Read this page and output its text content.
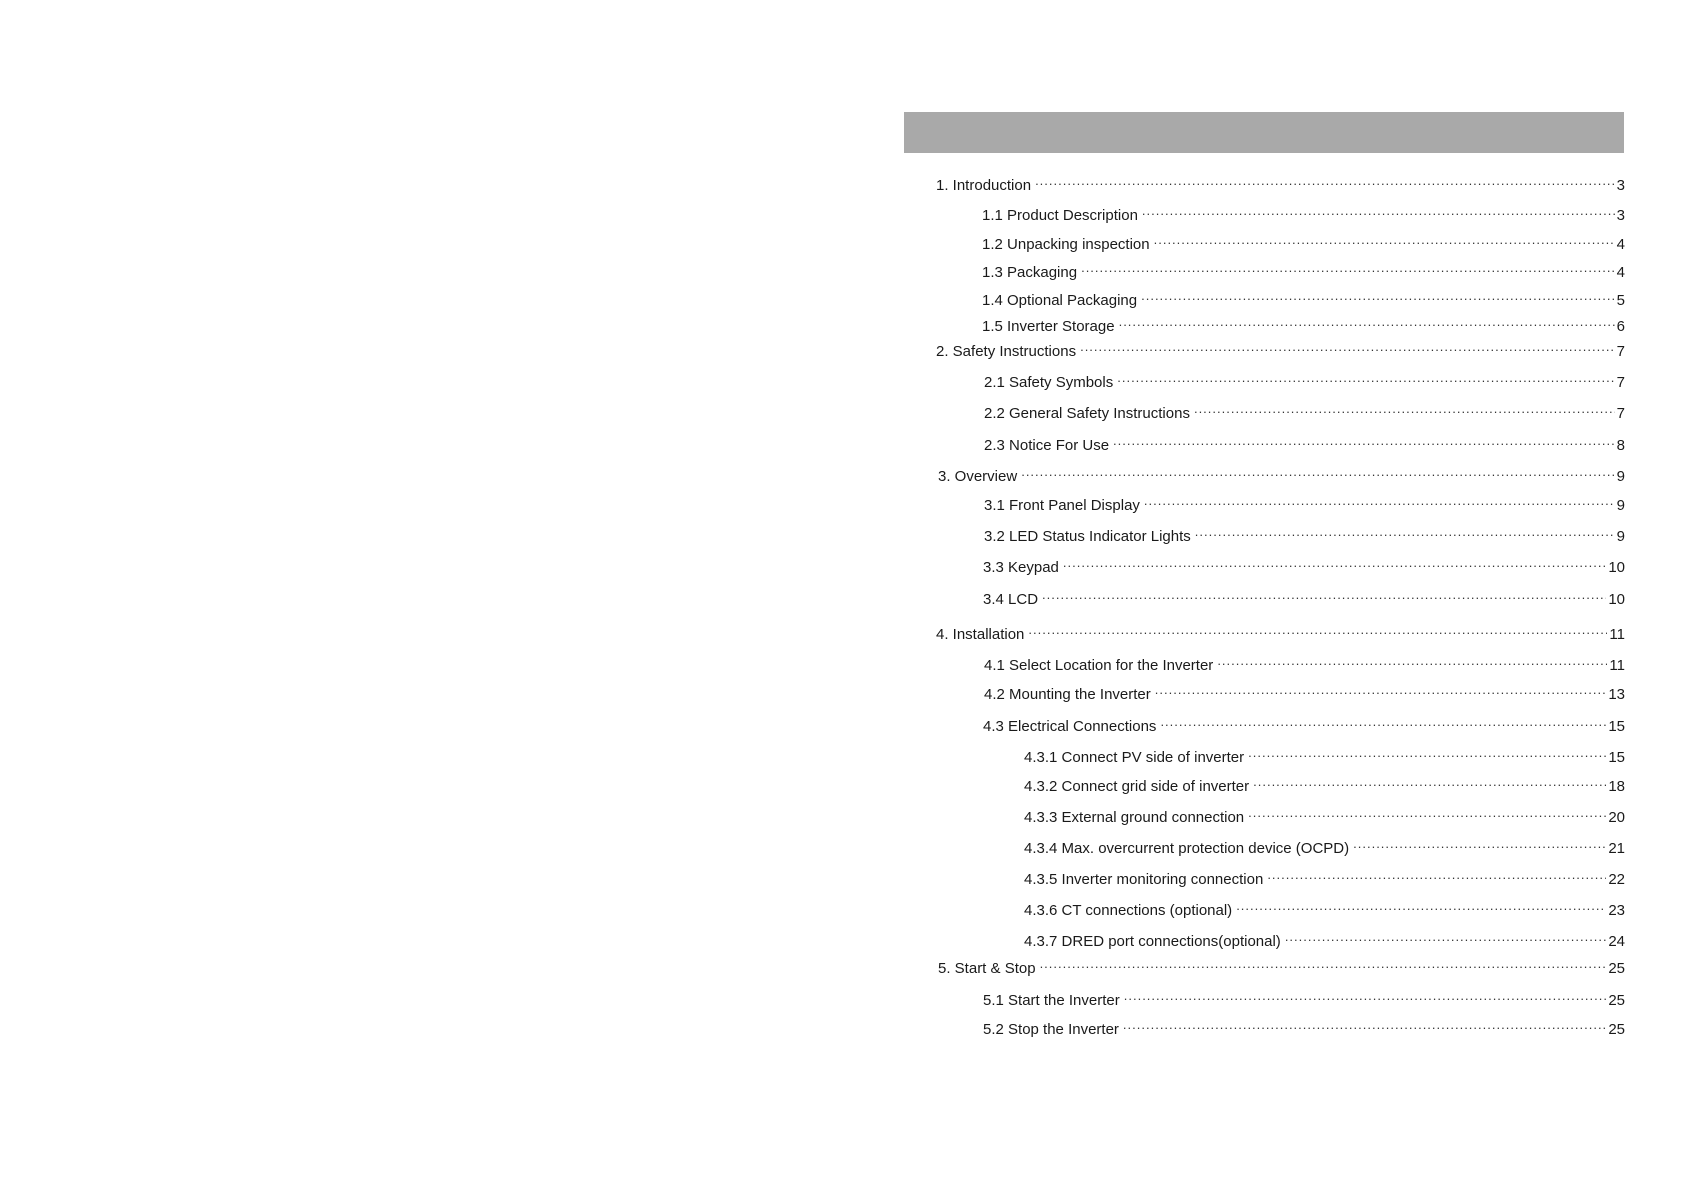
1. Introduction .....	3
1.1 Product Description .....	3
1.2 Unpacking inspection .....	4
1.3 Packaging .....	4
1.4 Optional Packaging .....	5
1.5 Inverter Storage .....	6
2. Safety Instructions .....	7
2.1 Safety Symbols .....	7
2.2 General Safety Instructions .....	7
2.3 Notice For Use .....	8
3. Overview .....	9
3.1 Front Panel Display .....	9
3.2 LED Status Indicator Lights .....	9
3.3 Keypad .....	10
3.4 LCD .....	10
4. Installation .....	11
4.1 Select Location for the Inverter .....	11
4.2 Mounting the Inverter .....	13
4.3 Electrical Connections .....	15
4.3.1 Connect PV side of inverter .....	15
4.3.2 Connect grid side of inverter .....	18
4.3.3 External ground connection .....	20
4.3.4 Max. overcurrent protection device (OCPD) .....	21
4.3.5 Inverter monitoring connection .....	22
4.3.6 CT connections (optional) .....	23
4.3.7 DRED port connections(optional) .....	24
5. Start & Stop .....	25
5.1 Start the Inverter .....	25
5.2 Stop the Inverter .....	25
